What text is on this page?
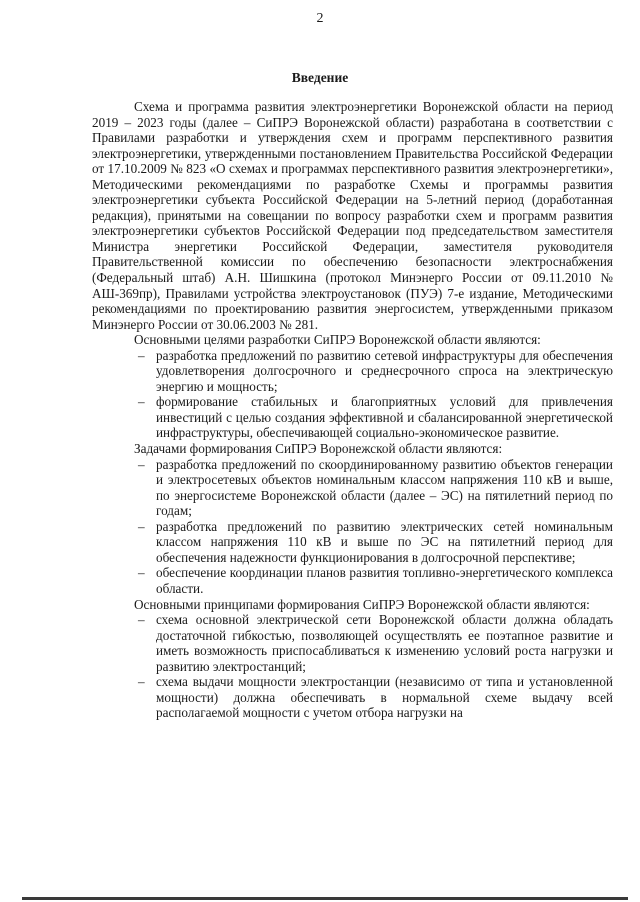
2
Введение

Схема и программа развития электроэнергетики Воронежской области на период 2019 – 2023 годы (далее – СиПРЭ Воронежской области) разработана в соответствии с Правилами разработки и утверждения схем и программ перспективного развития электроэнергетики, утвержденными постановлением Правительства Российской Федерации от 17.10.2009 № 823 «О схемах и программах перспективного развития электроэнергетики», Методическими рекомендациями по разработке Схемы и программы развития электроэнергетики субъекта Российской Федерации на 5-летний период (доработанная редакция), принятыми на совещании по вопросу разработки схем и программ развития электроэнергетики субъектов Российской Федерации под председательством заместителя Министра энергетики Российской Федерации, заместителя руководителя Правительственной комиссии по обеспечению безопасности электроснабжения (Федеральный штаб) А.Н. Шишкина (протокол Минэнерго России от 09.11.2010 № АШ-369пр), Правилами устройства электроустановок (ПУЭ) 7-е издание, Методическими рекомендациями по проектированию развития энергосистем, утвержденными приказом Минэнерго России от 30.06.2003 № 281.

Основными целями разработки СиПРЭ Воронежской области являются:

– разработка предложений по развитию сетевой инфраструктуры для обеспечения удовлетворения долгосрочного и среднесрочного спроса на электрическую энергию и мощность;
– формирование стабильных и благоприятных условий для привлечения инвестиций с целью создания эффективной и сбалансированной энергетической инфраструктуры, обеспечивающей социально-экономическое развитие.

Задачами формирования СиПРЭ Воронежской области являются:

– разработка предложений по скоординированному развитию объектов генерации и электросетевых объектов номинальным классом напряжения 110 кВ и выше, по энергосистеме Воронежской области (далее – ЭС) на пятилетний период по годам;
– разработка предложений по развитию электрических сетей номинальным классом напряжения 110 кВ и выше по ЭС на пятилетний период для обеспечения надежности функционирования в долгосрочной перспективе;
– обеспечение координации планов развития топливно-энергетического комплекса области.

Основными принципами формирования СиПРЭ Воронежской области являются:

– схема основной электрической сети Воронежской области должна обладать достаточной гибкостью, позволяющей осуществлять ее поэтапное развитие и иметь возможность приспосабливаться к изменению условий роста нагрузки и развитию электростанций;
– схема выдачи мощности электростанции (независимо от типа и установленной мощности) должна обеспечивать в нормальной схеме выдачу всей располагаемой мощности с учетом отбора нагрузки на
